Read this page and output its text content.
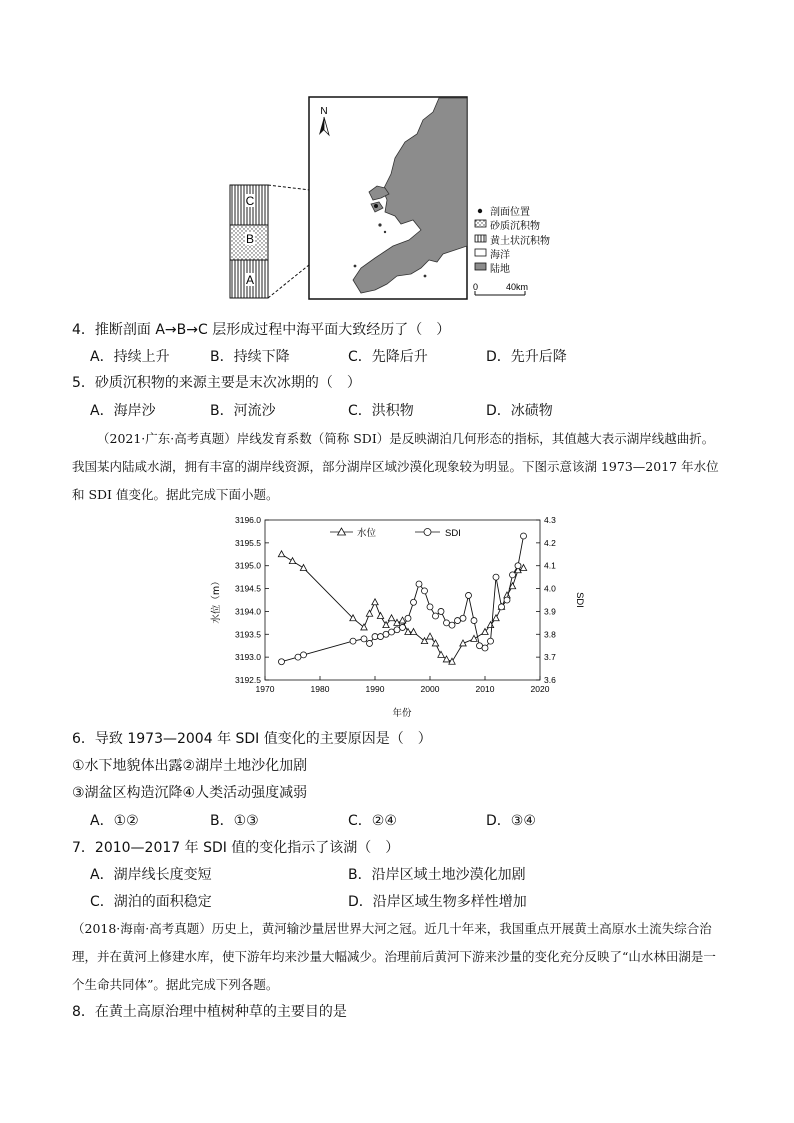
C
B
A
N
剖面位置
砂质沉积物
黄土状沉积物
海洋
陆地
0	40km
4．推断剖面 A→B→C 层形成过程中海平面大致经历了（　）
A．持续上升	B．持续下降	C．先降后升	D．先升后降
5．砂质沉积物的来源主要是末次冰期的（　）
A．海岸沙	B．河流沙	C．洪积物	D．冰碛物
（2021·广东·高考真题）岸线发育系数（简称 SDI）是反映湖泊几何形态的指标，其值越大表示湖岸线越曲折。我国某内陆咸水湖，拥有丰富的湖岸线资源，部分湖岸区域沙漠化现象较为明显。下图示意该湖 1973—2017 年水位和 SDI 值变化。据此完成下面小题。
3196.0
3195.5
3195.0
3194.5
3194.0
3193.5
3193.0
3192.5
4.3
4.2
4.1
4.0
3.9
3.8
3.7
3.6
1970	1980	1990	2000	2010	2020
水位	SDI
水位（m）	SDI
年份
6．导致 1973—2004 年 SDI 值变化的主要原因是（　）
①水下地貌体出露②湖岸土地沙化加剧
③湖盆区构造沉降④人类活动强度减弱
A．①②	B．①③	C．②④	D．③④
7．2010—2017 年 SDI 值的变化指示了该湖（　）
A．湖岸线长度变短	B．沿岸区域土地沙漠化加剧
C．湖泊的面积稳定	D．沿岸区域生物多样性增加
（2018·海南·高考真题）历史上，黄河输沙量居世界大河之冠。近几十年来，我国重点开展黄土高原水土流失综合治理，并在黄河上修建水库，使下游年均来沙量大幅减少。治理前后黄河下游来沙量的变化充分反映了“山水林田湖是一个生命共同体”。据此完成下列各题。
8．在黄土高原治理中植树种草的主要目的是
